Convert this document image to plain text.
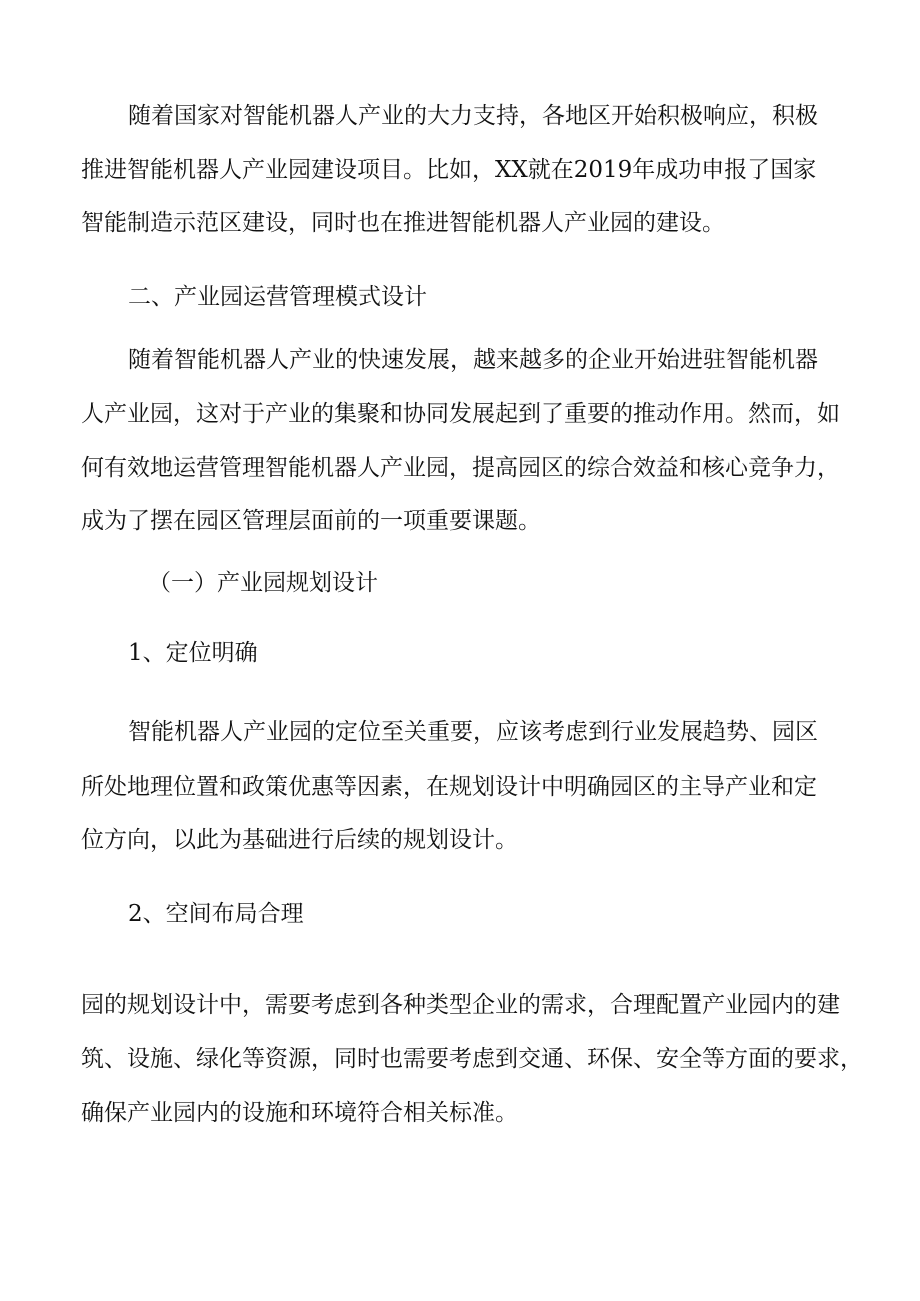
随着国家对智能机器人产业的大力支持，各地区开始积极响应，积极
推进智能机器人产业园建设项目。比如，XX就在2019年成功申报了国家
智能制造示范区建设，同时也在推进智能机器人产业园的建设。
二、产业园运营管理模式设计
随着智能机器人产业的快速发展，越来越多的企业开始进驻智能机器
人产业园，这对于产业的集聚和协同发展起到了重要的推动作用。然而，如
何有效地运营管理智能机器人产业园，提高园区的综合效益和核心竞争力，
成为了摆在园区管理层面前的一项重要课题。
（一）产业园规划设计
1、定位明确
智能机器人产业园的定位至关重要，应该考虑到行业发展趋势、园区
所处地理位置和政策优惠等因素，在规划设计中明确园区的主导产业和定
位方向，以此为基础进行后续的规划设计。
2、空间布局合理
园的规划设计中，需要考虑到各种类型企业的需求，合理配置产业园内的建
筑、设施、绿化等资源，同时也需要考虑到交通、环保、安全等方面的要求，
确保产业园内的设施和环境符合相关标准。
